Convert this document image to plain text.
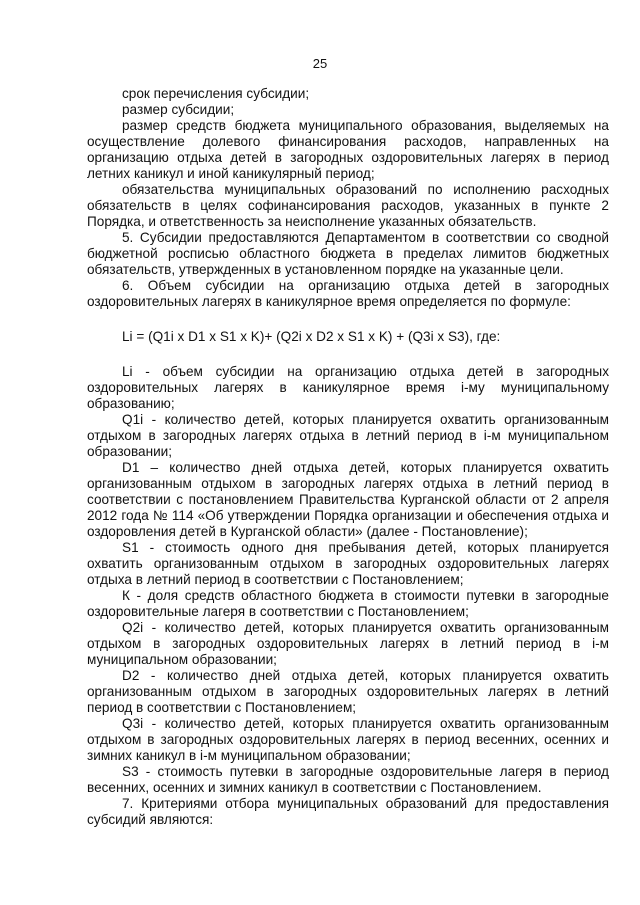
25

срок перечисления субсидии;

размер субсидии;

размер средств бюджета муниципального образования, выделяемых на осуществление долевого финансирования расходов, направленных на организацию отдыха детей в загородных оздоровительных лагерях в период летних каникул и иной каникулярный период;

обязательства муниципальных образований по исполнению расходных обязательств в целях софинансирования расходов, указанных в пункте 2 Порядка, и ответственность за неисполнение указанных обязательств.

5. Субсидии предоставляются Департаментом в соответствии со сводной бюджетной росписью областного бюджета в пределах лимитов бюджетных обязательств, утвержденных в установленном порядке на указанные цели.

6. Объем субсидии на организацию отдыха детей в загородных оздоровительных лагерях в каникулярное время определяется по формуле:

Li = (Q1i x D1 x S1 x K)+ (Q2i x D2 x S1 x K) + (Q3i x S3), где:

Li - объем субсидии на организацию отдыха детей в загородных оздоровительных лагерях в каникулярное время i-му муниципальному образованию;

Q1i - количество детей, которых планируется охватить организованным отдыхом в загородных лагерях отдыха в летний период в i-м муниципальном образовании;

D1 – количество дней отдыха детей, которых планируется охватить организованным отдыхом в загородных лагерях отдыха в летний период в соответствии с постановлением Правительства Курганской области от 2 апреля 2012 года № 114 «Об утверждении Порядка организации и обеспечения отдыха и оздоровления детей в Курганской области» (далее - Постановление);

S1 - стоимость одного дня пребывания детей, которых планируется охватить организованным отдыхом в загородных оздоровительных лагерях отдыха в летний период в соответствии с Постановлением;

К - доля средств областного бюджета в стоимости путевки в загородные оздоровительные лагеря в соответствии с Постановлением;

Q2i - количество детей, которых планируется охватить организованным отдыхом в загородных оздоровительных лагерях в летний период в i-м муниципальном образовании;

D2 - количество дней отдыха детей, которых планируется охватить организованным отдыхом в загородных оздоровительных лагерях в летний период в соответствии с Постановлением;

Q3i - количество детей, которых планируется охватить организованным отдыхом в загородных оздоровительных лагерях в период весенних, осенних и зимних каникул в i-м муниципальном образовании;

S3 - стоимость путевки в загородные оздоровительные лагеря в период весенних, осенних и зимних каникул в соответствии с Постановлением.

7. Критериями отбора муниципальных образований для предоставления субсидий являются:
